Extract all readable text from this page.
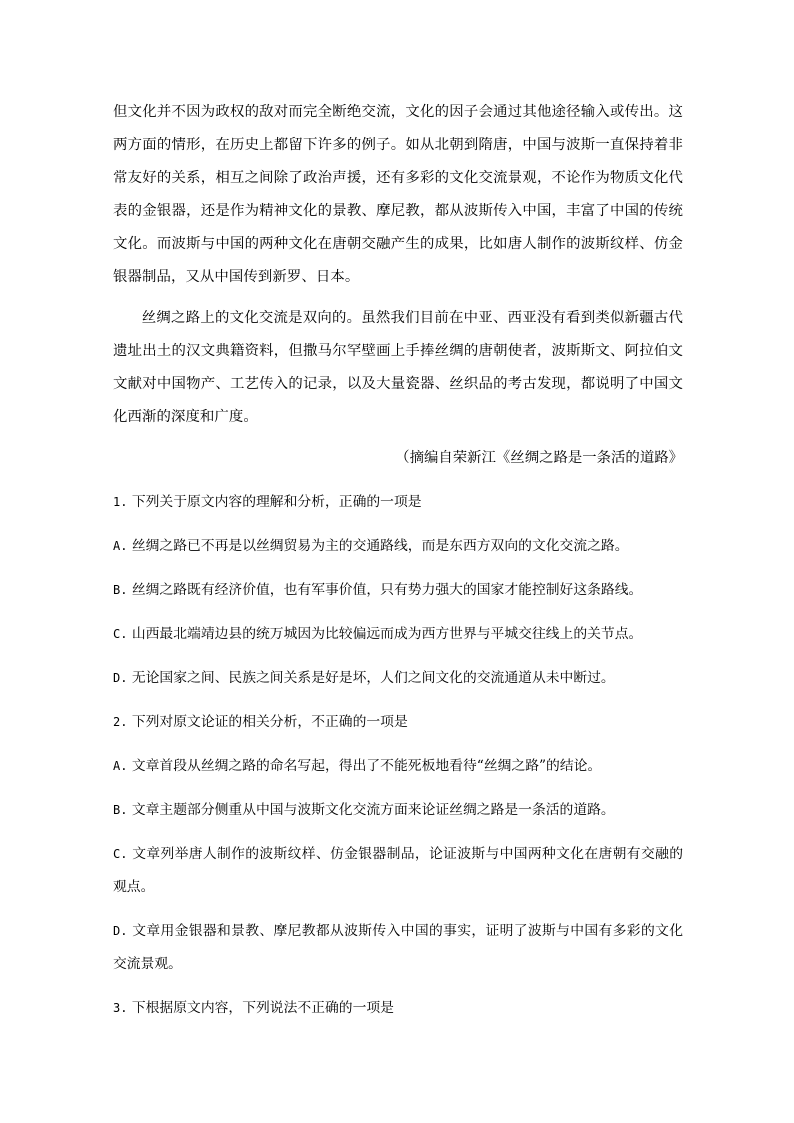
但文化并不因为政权的敌对而完全断绝交流，文化的因子会通过其他途径输入或传出。这两方面的情形，在历史上都留下许多的例子。如从北朝到隋唐，中国与波斯一直保持着非常友好的关系，相互之间除了政治声援，还有多彩的文化交流景观，不论作为物质文化代表的金银器，还是作为精神文化的景教、摩尼教，都从波斯传入中国，丰富了中国的传统文化。而波斯与中国的两种文化在唐朝交融产生的成果，比如唐人制作的波斯纹样、仿金银器制品，又从中国传到新罗、日本。

丝绸之路上的文化交流是双向的。虽然我们目前在中亚、西亚没有看到类似新疆古代遗址出土的汉文典籍资料，但撒马尔罕壁画上手捧丝绸的唐朝使者，波斯斯文、阿拉伯文文献对中国物产、工艺传入的记录，以及大量瓷器、丝织品的考古发现，都说明了中国文化西渐的深度和广度。

（摘编自荣新江《丝绸之路是一条活的道路》
1. 下列关于原文内容的理解和分析，正确的一项是
A. 丝绸之路已不再是以丝绸贸易为主的交通路线，而是东西方双向的文化交流之路。
B. 丝绸之路既有经济价值，也有军事价值，只有势力强大的国家才能控制好这条路线。
C. 山西最北端靖边县的统万城因为比较偏远而成为西方世界与平城交往线上的关节点。
D. 无论国家之间、民族之间关系是好是坏，人们之间文化的交流通道从未中断过。
2. 下列对原文论证的相关分析，不正确的一项是
A. 文章首段从丝绸之路的命名写起，得出了不能死板地看待“丝绸之路”的结论。
B. 文章主题部分侧重从中国与波斯文化交流方面来论证丝绸之路是一条活的道路。
C. 文章列举唐人制作的波斯纹样、仿金银器制品，论证波斯与中国两种文化在唐朝有交融的观点。
D. 文章用金银器和景教、摩尼教都从波斯传入中国的事实，证明了波斯与中国有多彩的文化交流景观。
3. 下根据原文内容，下列说法不正确的一项是
